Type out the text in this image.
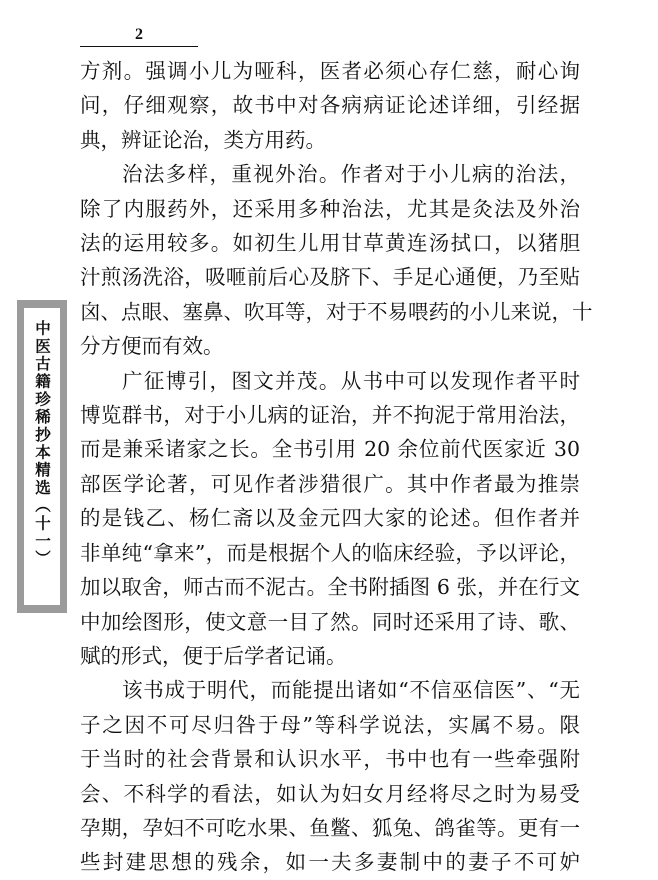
2
中医古籍珍稀抄本精选（十一）

方剂。强调小儿为哑科，医者必须心存仁慈，耐心询
问，仔细观察，故书中对各病病证论述详细，引经据
典，辨证论治，类方用药。

治法多样，重视外治。作者对于小儿病的治法，
除了内服药外，还采用多种治法，尤其是灸法及外治
法的运用较多。如初生儿用甘草黄连汤拭口，以猪胆
汁煎汤洗浴，吸咂前后心及脐下、手足心通便，乃至贴
囟、点眼、塞鼻、吹耳等，对于不易喂药的小儿来说，十
分方便而有效。

广征博引，图文并茂。从书中可以发现作者平时
博览群书，对于小儿病的证治，并不拘泥于常用治法，
而是兼采诸家之长。全书引用 20 余位前代医家近 30
部医学论著，可见作者涉猎很广。其中作者最为推崇
的是钱乙、杨仁斋以及金元四大家的论述。但作者并
非单纯“拿来”，而是根据个人的临床经验，予以评论，
加以取舍，师古而不泥古。全书附插图 6 张，并在行文
中加绘图形，使文意一目了然。同时还采用了诗、歌、
赋的形式，便于后学者记诵。

该书成于明代，而能提出诸如“不信巫信医”、“无
子之因不可尽归咎于母”等科学说法，实属不易。限
于当时的社会背景和认识水平，书中也有一些牵强附
会、不科学的看法，如认为妇女月经将尽之时为易受
孕期，孕妇不可吃水果、鱼鳖、狐兔、鸽雀等。更有一
些封建思想的残余，如一夫多妻制中的妻子不可妒
